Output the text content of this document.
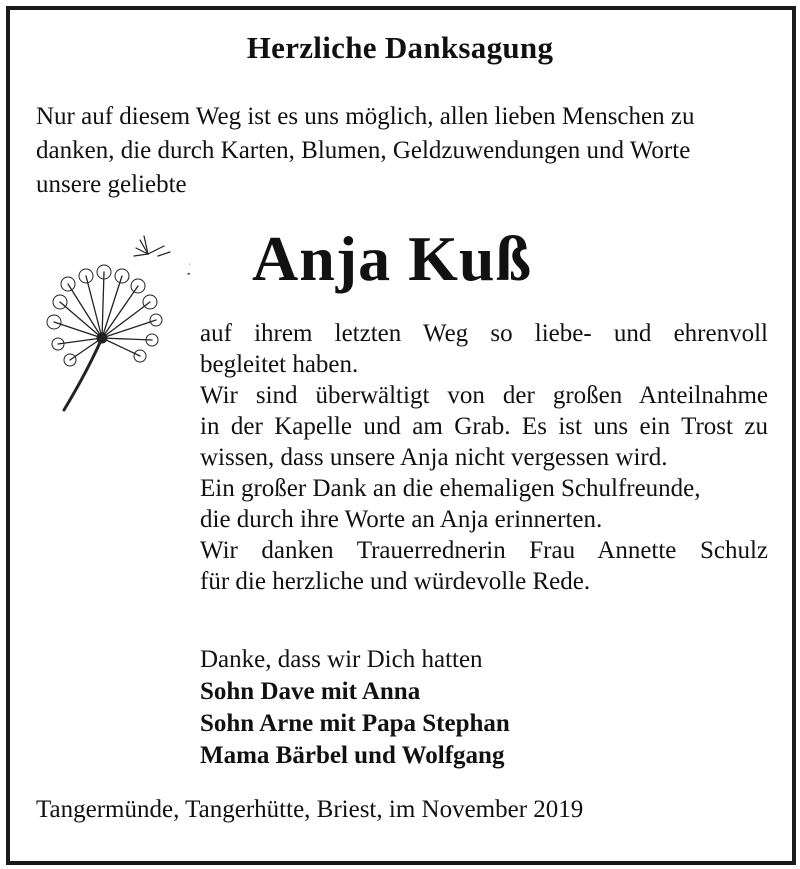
Herzliche Danksagung
Nur auf diesem Weg ist es uns möglich, allen lieben Menschen zu
danken, die durch Karten, Blumen, Geldzuwendungen und Worte
unsere geliebte
Anja Kuß
auf ihrem letzten Weg so liebe- und ehrenvoll
begleitet haben.
Wir sind überwältigt von der großen Anteilnahme
in der Kapelle und am Grab. Es ist uns ein Trost zu
wissen, dass unsere Anja nicht vergessen wird.
Ein großer Dank an die ehemaligen Schulfreunde,
die durch ihre Worte an Anja erinnerten.
Wir danken Trauerrednerin Frau Annette Schulz
für die herzliche und würdevolle Rede.
Danke, dass wir Dich hatten
Sohn Dave mit Anna
Sohn Arne mit Papa Stephan
Mama Bärbel und Wolfgang
Tangermünde, Tangerhütte, Briest, im November 2019
